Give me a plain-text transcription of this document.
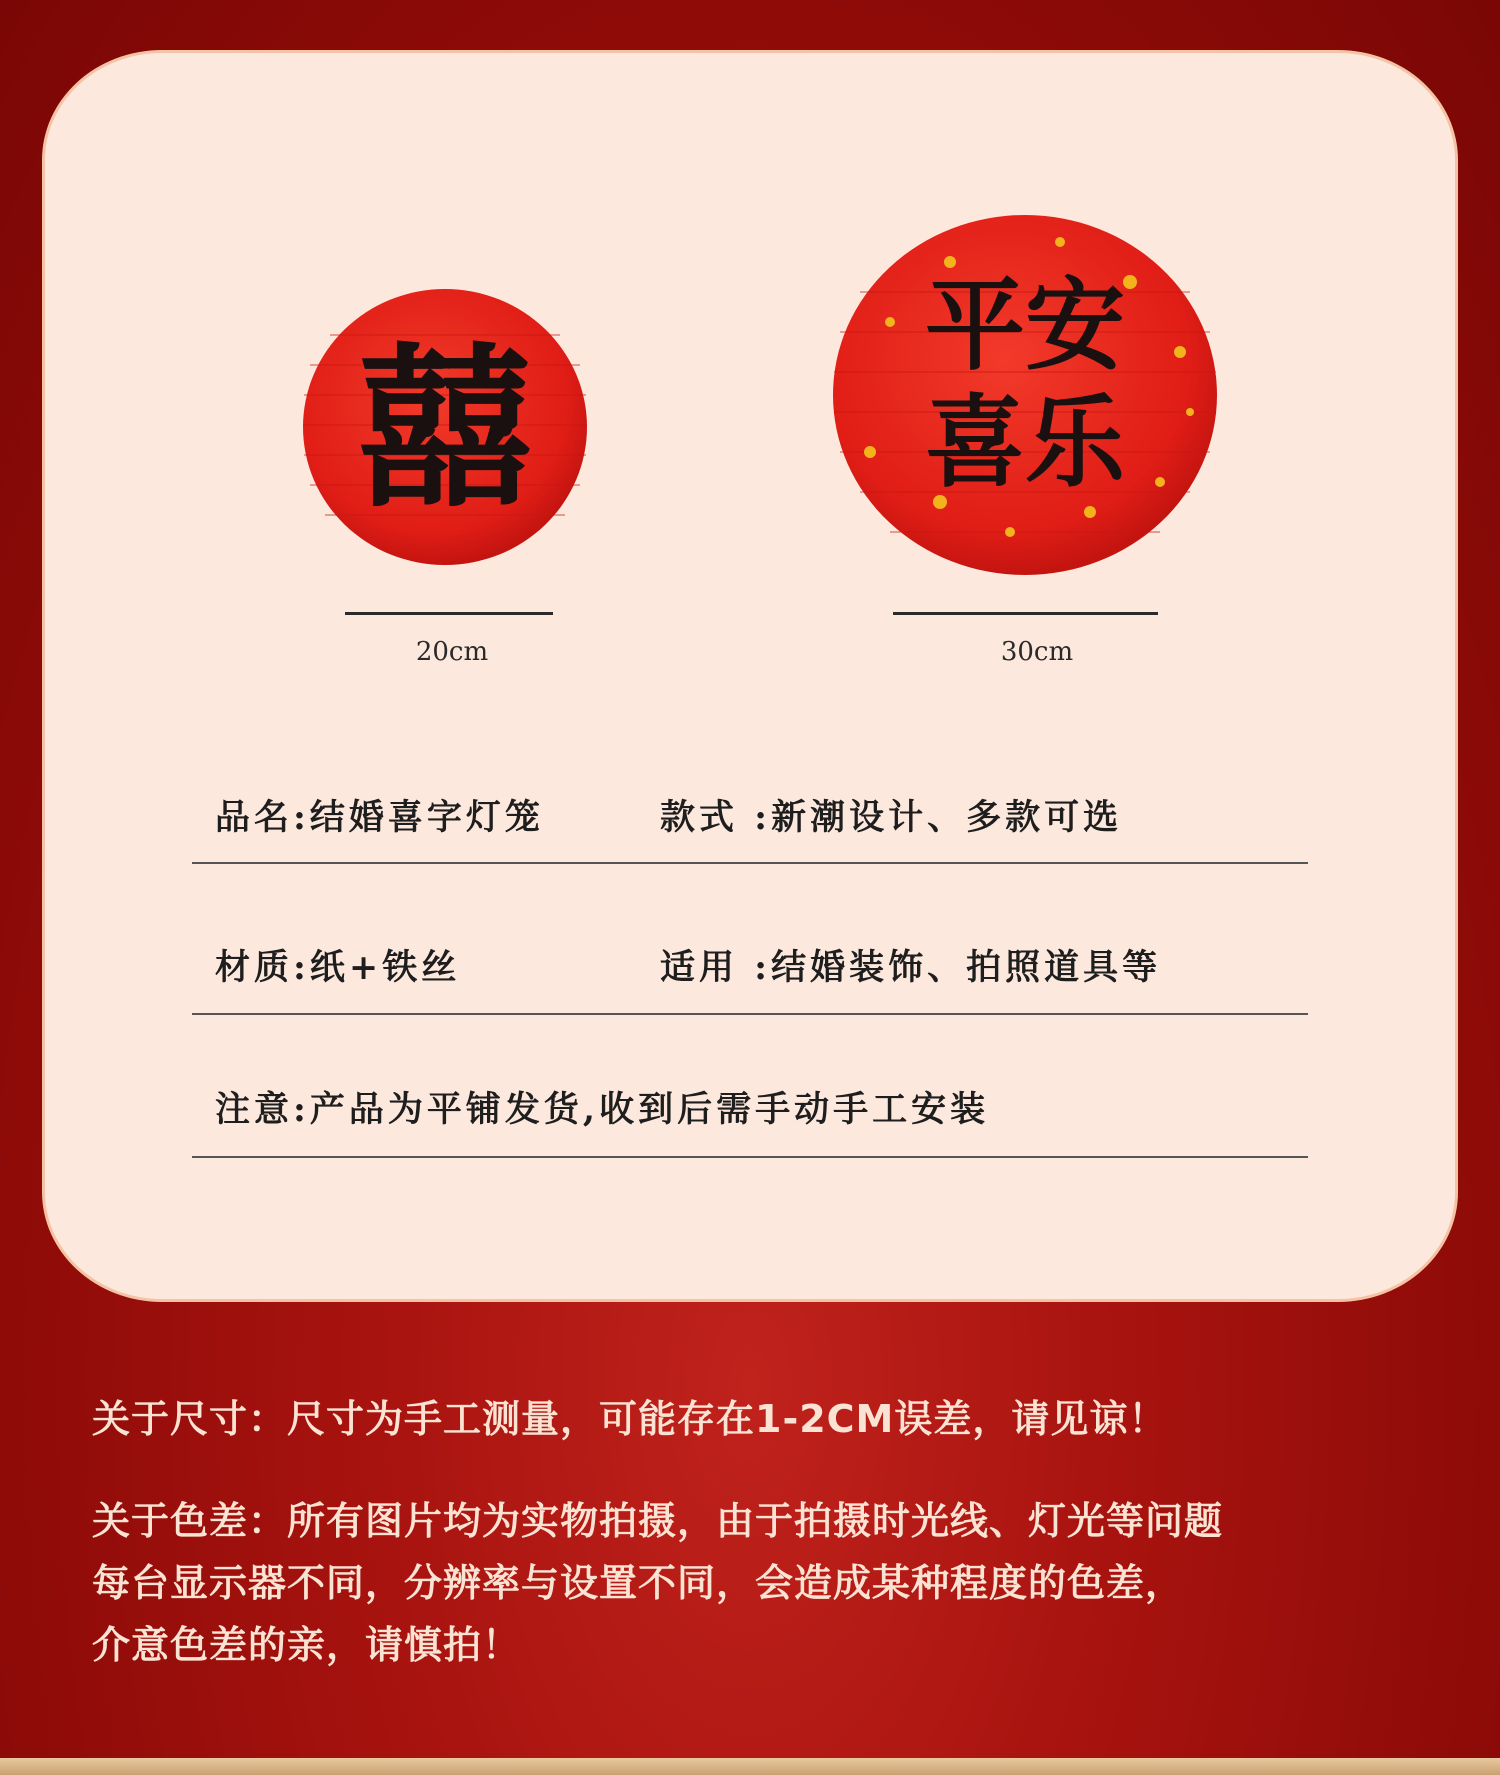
囍
平安
喜乐
20cm	30cm
品名:结婚喜字灯笼	款式 :新潮设计、多款可选
材质:纸+铁丝	适用 :结婚装饰、拍照道具等
注意:产品为平铺发货,收到后需手动手工安装
关于尺寸：尺寸为手工测量，可能存在1-2CM误差，请见谅！
关于色差：所有图片均为实物拍摄，由于拍摄时光线、灯光等问题
每台显示器不同，分辨率与设置不同，会造成某种程度的色差，
介意色差的亲，请慎拍！
